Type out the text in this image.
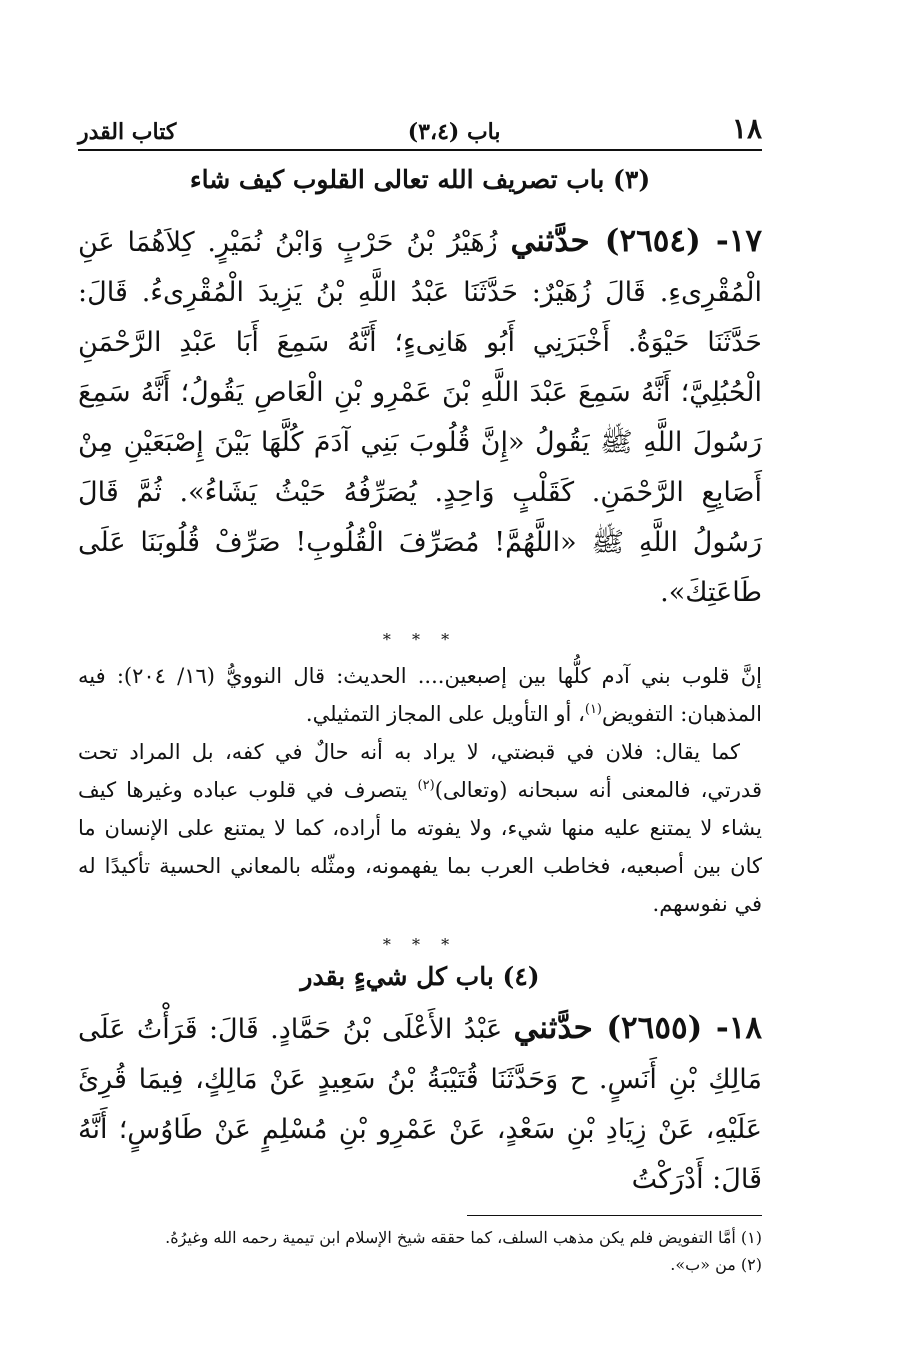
١٨
باب (٣،٤)
كتاب القدر
(٣) باب تصريف الله تعالى القلوب كيف شاء

١٧- (٢٦٥٤) حدَّثني زُهَيْرُ بْنُ حَرْبٍ وَابْنُ نُمَيْرٍ. كِلاَهُمَا عَنِ الْمُقْرِىءِ. قَالَ زُهَيْرٌ: حَدَّثَنَا عَبْدُ اللَّهِ بْنُ يَزِيدَ الْمُقْرِىءُ. قَالَ: حَدَّثَنَا حَيْوَةُ. أَخْبَرَنِي أَبُو هَانِىءٍ؛ أَنَّهُ سَمِعَ أَبَا عَبْدِ الرَّحْمَنِ الْحُبُلِيَّ؛ أَنَّهُ سَمِعَ عَبْدَ اللَّهِ بْنَ عَمْرِو بْنِ الْعَاصِ يَقُولُ؛ أَنَّهُ سَمِعَ رَسُولَ اللَّهِ ﷺ يَقُولُ «إِنَّ قُلُوبَ بَنِي آدَمَ كُلَّهَا بَيْنَ إِصْبَعَيْنِ مِنْ أَصَابِعِ الرَّحْمَنِ. كَقَلْبٍ وَاحِدٍ. يُصَرِّفُهُ حَيْثُ يَشَاءُ». ثُمَّ قَالَ رَسُولُ اللَّهِ ﷺ «اللَّهُمَّ! مُصَرِّفَ الْقُلُوبِ! صَرِّفْ قُلُوبَنَا عَلَى طَاعَتِكَ».

* * *

إنَّ قلوب بني آدم كلُّها بين إصبعين.... الحديث: قال النوويُّ (١٦/ ٢٠٤): فيه المذهبان: التفويض$^{(١)}$، أو التأويل على المجاز التمثيلي.

كما يقال: فلان في قبضتي، لا يراد به أنه حالٌ في كفه، بل المراد تحت قدرتي، فالمعنى أنه سبحانه (وتعالى)$^{(٢)}$ يتصرف في قلوب عباده وغيرها كيف يشاء لا يمتنع عليه منها شيء، ولا يفوته ما أراده، كما لا يمتنع على الإنسان ما كان بين أصبعيه، فخاطب العرب بما يفهمونه، ومثّله بالمعاني الحسية تأكيدًا له في نفوسهم.

* * *
(٤) باب كل شيءٍ بقدر

١٨- (٢٦٥٥) حدَّثني عَبْدُ الأَعْلَى بْنُ حَمَّادٍ. قَالَ: قَرَأْتُ عَلَى مَالِكِ بْنِ أَنَسٍ. ح وَحَدَّثَنَا قُتَيْبَةُ بْنُ سَعِيدٍ عَنْ مَالِكٍ، فِيمَا قُرِئَ عَلَيْهِ، عَنْ زِيَادِ بْنِ سَعْدٍ، عَنْ عَمْرِو بْنِ مُسْلِمٍ عَنْ طَاوُسٍ؛ أَنَّهُ قَالَ: أَدْرَكْتُ

(١) أمَّا التفويض فلم يكن مذهب السلف، كما حققه شيخ الإسلام ابن تيمية رحمه الله وغيرُهُ.

(٢) من «ب».
